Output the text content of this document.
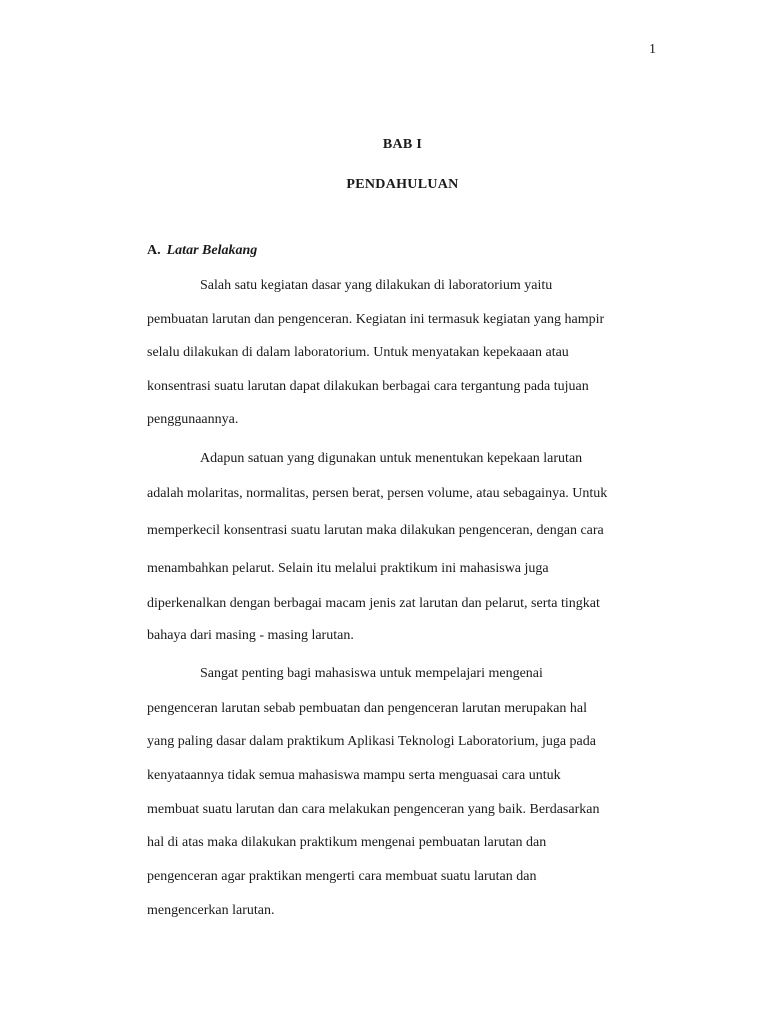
1
BAB I
PENDAHULUAN
A. Latar Belakang
Salah satu kegiatan dasar yang dilakukan di laboratorium yaitu
pembuatan larutan dan pengenceran. Kegiatan ini termasuk kegiatan yang hampir
selalu dilakukan di dalam laboratorium. Untuk menyatakan kepekaaan atau
konsentrasi suatu larutan dapat dilakukan berbagai cara tergantung pada tujuan
penggunaannya.
Adapun satuan yang digunakan untuk menentukan kepekaan larutan
adalah molaritas, normalitas, persen berat, persen volume, atau sebagainya. Untuk
memperkecil konsentrasi suatu larutan maka dilakukan pengenceran, dengan cara
menambahkan pelarut. Selain itu melalui praktikum ini mahasiswa juga
diperkenalkan dengan berbagai macam jenis zat larutan dan pelarut, serta tingkat
bahaya dari masing - masing larutan.
Sangat penting bagi mahasiswa untuk mempelajari mengenai
pengenceran larutan sebab pembuatan dan pengenceran larutan merupakan hal
yang paling dasar dalam praktikum Aplikasi Teknologi Laboratorium, juga pada
kenyataannya tidak semua mahasiswa mampu serta menguasai cara untuk
membuat suatu larutan dan cara melakukan pengenceran yang baik. Berdasarkan
hal di atas maka dilakukan praktikum mengenai pembuatan larutan dan
pengenceran agar praktikan mengerti cara membuat suatu larutan dan
mengencerkan larutan.
